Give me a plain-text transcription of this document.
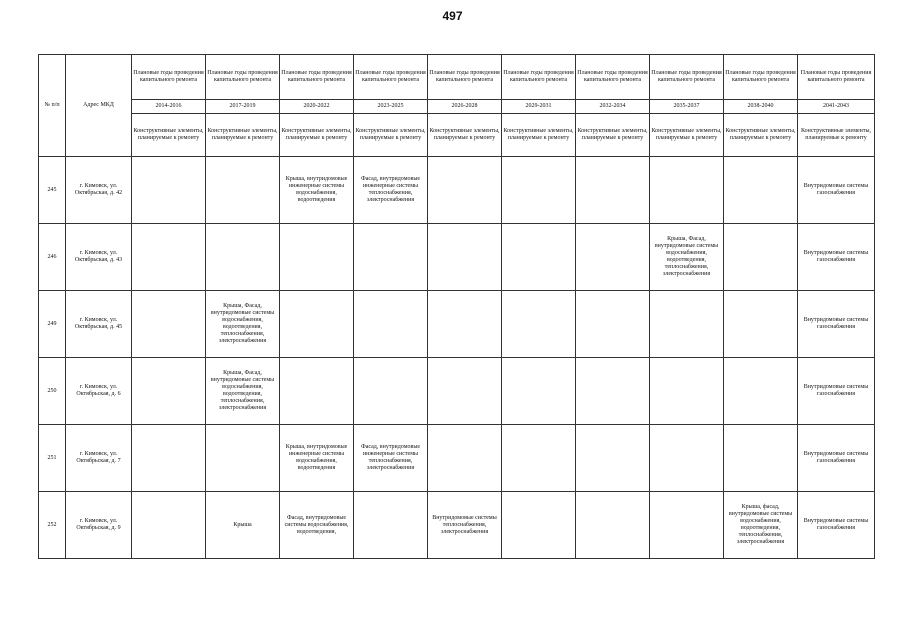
497
№ п/п	Адрес МКД	Плановые годы проведения капитального ремонта	Плановые годы проведения капитального ремонта	Плановые годы проведения капитального ремонта	Плановые годы проведения капитального ремонта	Плановые годы проведения капитального ремонта	Плановые годы проведения капитального ремонта	Плановые годы проведения капитального ремонта	Плановые годы проведения капитального ремонта	Плановые годы проведения капитального ремонта	Плановые годы проведения капитального ремонта
		2014-2016	2017-2019	2020-2022	2023-2025	2026-2028	2029-2031	2032-2034	2035-2037	2038-2040	2041-2043
		Конструктивные элементы, планируемые к ремонту	Конструктивные элементы, планируемые к ремонту	Конструктивные элементы, планируемые к ремонту	Конструктивные элементы, планируемые к ремонту	Конструктивные элементы, планируемые к ремонту	Конструктивные элементы, планируемые к ремонту	Конструктивные элементы, планируемые к ремонту	Конструктивные элементы, планируемые к ремонту	Конструктивные элементы, планируемые к ремонту	Конструктивные элементы, планируемые к ремонту
245	г. Кимовск, ул. Октябрьская, д. 42			Крыша, внутридомовые инженерные системы водоснабжения, водоотведения	Фасад, внутридомовые инженерные системы теплоснабжения, электроснабжения						Внутридомовые системы газоснабжения
246	г. Кимовск, ул. Октябрьская, д. 43								Крыша, Фасад, внутридомовые системы водоснабжения, водоотведения, теплоснабжения, электроснабжения		Внутридомовые системы газоснабжения
249	г. Кимовск, ул. Октябрьская, д. 45		Крыша, Фасад, внутридомовые системы водоснабжения, водоотведения, теплоснабжения, электроснабжения								Внутридомовые системы газоснабжения
250	г. Кимовск, ул. Октябрьская, д. 6		Крыша, Фасад, внутридомовые системы водоснабжения, водоотведения, теплоснабжения, электроснабжения								Внутридомовые системы газоснабжения
251	г. Кимовск, ул. Октябрьская, д. 7			Крыша, внутридомовые инженерные системы водоснабжения, водоотведения	Фасад, внутридомовые инженерные системы теплоснабжения, электроснабжения						Внутридомовые системы газоснабжения
252	г. Кимовск, ул. Октябрьская, д. 9		Крыша	Фасад, внутридомовые системы водоснабжения, водоотведения,		Внутридомовые системы теплоснабжения, электроснабжения				Крыша, фасад, внутридомовые системы водоснабжения, водоотведения, теплоснабжения, электроснабжения	Внутридомовые системы газоснабжения
